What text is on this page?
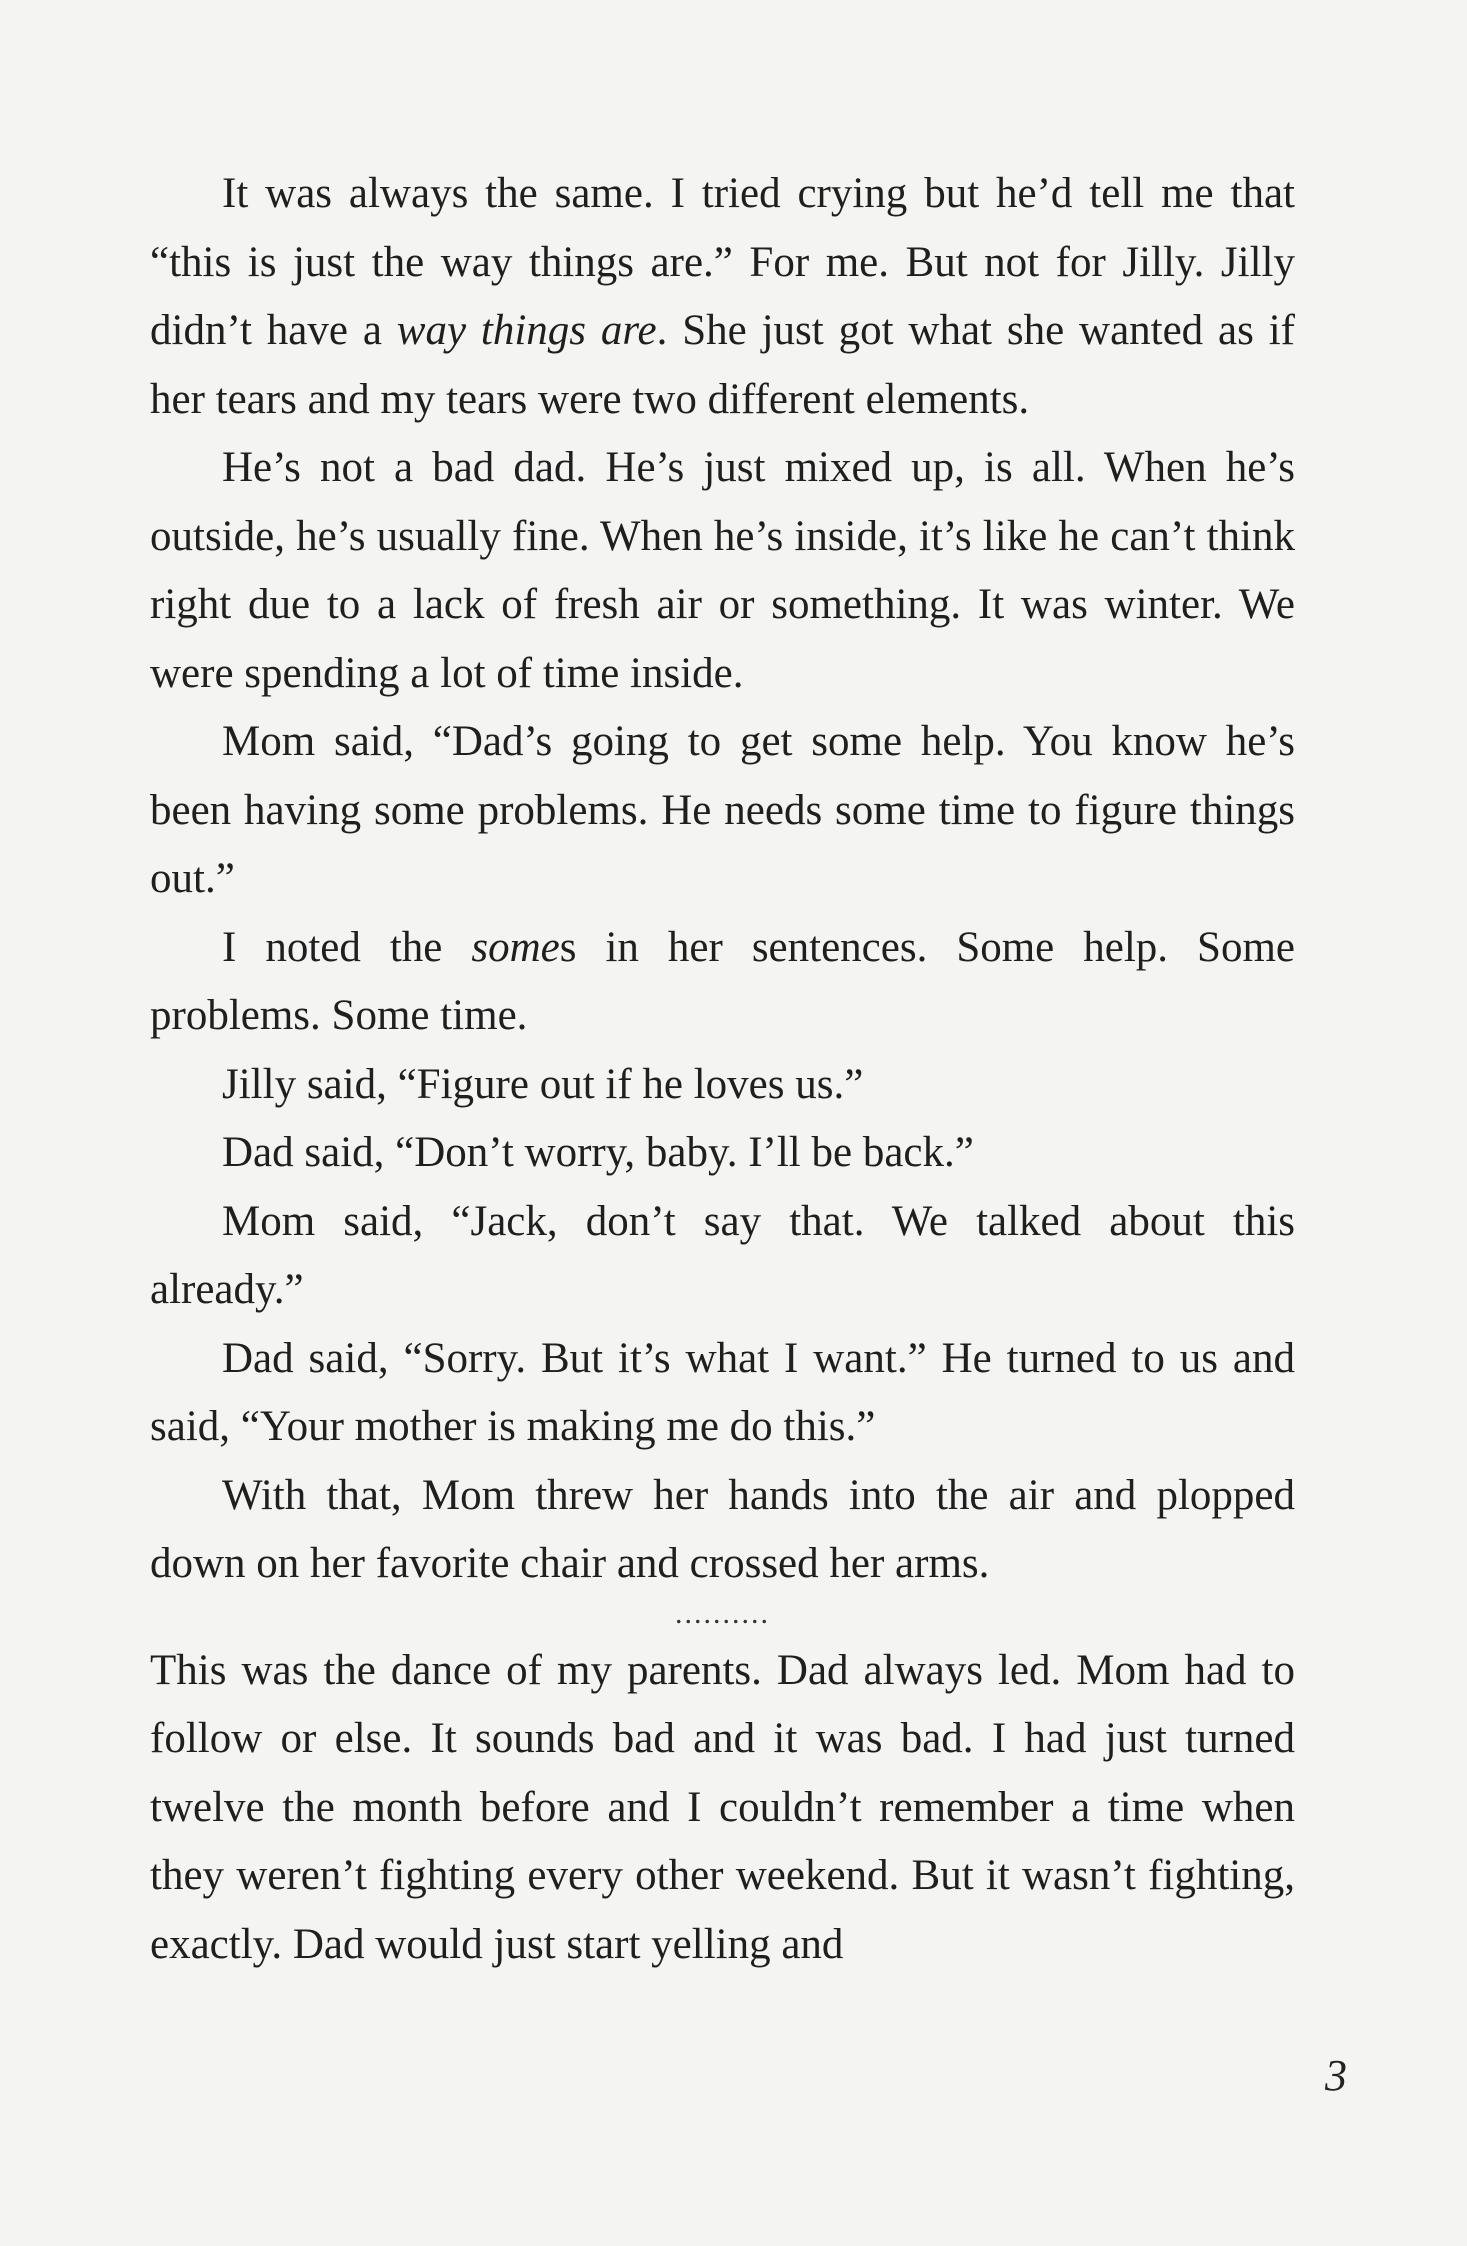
It was always the same. I tried crying but he’d tell me that “this is just the way things are.” For me. But not for Jilly. Jilly didn’t have a way things are. She just got what she wanted as if her tears and my tears were two different elements.

He’s not a bad dad. He’s just mixed up, is all. When he’s outside, he’s usually fine. When he’s inside, it’s like he can’t think right due to a lack of fresh air or something. It was winter. We were spending a lot of time inside.

Mom said, “Dad’s going to get some help. You know he’s been having some problems. He needs some time to figure things out.”

I noted the somes in her sentences. Some help. Some problems. Some time.

Jilly said, “Figure out if he loves us.”

Dad said, “Don’t worry, baby. I’ll be back.”

Mom said, “Jack, don’t say that. We talked about this already.”

Dad said, “Sorry. But it’s what I want.” He turned to us and said, “Your mother is making me do this.”

With that, Mom threw her hands into the air and plopped down on her favorite chair and crossed her arms.

..........

This was the dance of my parents. Dad always led. Mom had to follow or else. It sounds bad and it was bad. I had just turned twelve the month before and I couldn’t remember a time when they weren’t fighting every other weekend. But it wasn’t fighting, exactly. Dad would just start yelling and

3
